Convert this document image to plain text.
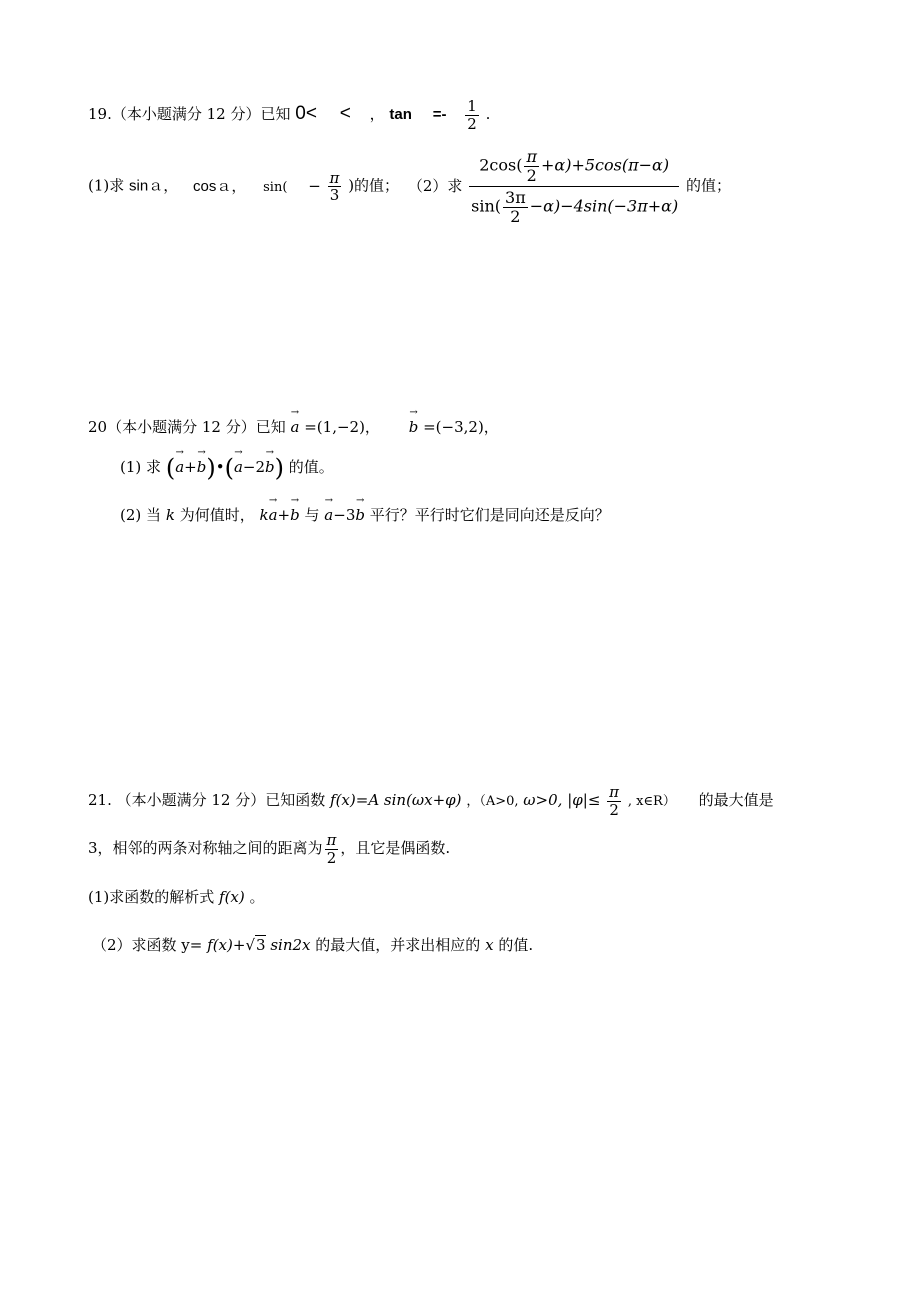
19.（本小题满分 12 分）已知 0< < ， $\tan =- \frac{1}{2}$ .
(1)求 sinａ， cosａ， $\sin( - \frac{\pi}{3}$ )的值； （2）求 $\frac{2\cos( \frac{\pi}{2} +\alpha)+5\cos(\pi-\alpha)}{\sin( \frac{3\pi}{2} -\alpha)-4\sin(-3\pi+\alpha)}$ 的值；
20（本小题满分 12 分）已知 → a =(1,−2)， → b =(−3,2)，
(1) 求 (→ a+→ b)•(→ a−2→ b) 的值。
(2) 当 k 为何值时， k→ a+→ b 与 → a−3→ b 平行？平行时它们是同向还是反向？
21. （本小题满分 12 分）已知函数 f(x)=A sin(ωx+φ) ，（A>0, ω>0, $|\varphi|\le \frac{\pi}{2}$ , x∈R） 的最大值是
3，相邻的两条对称轴之间的距离为 $\frac{\pi}{2}$ ，且它是偶函数.
(1)求函数的解析式 f(x) 。
（2）求函数 y= f(x)+√3 sin2x 的最大值，并求出相应的 x 的值.
